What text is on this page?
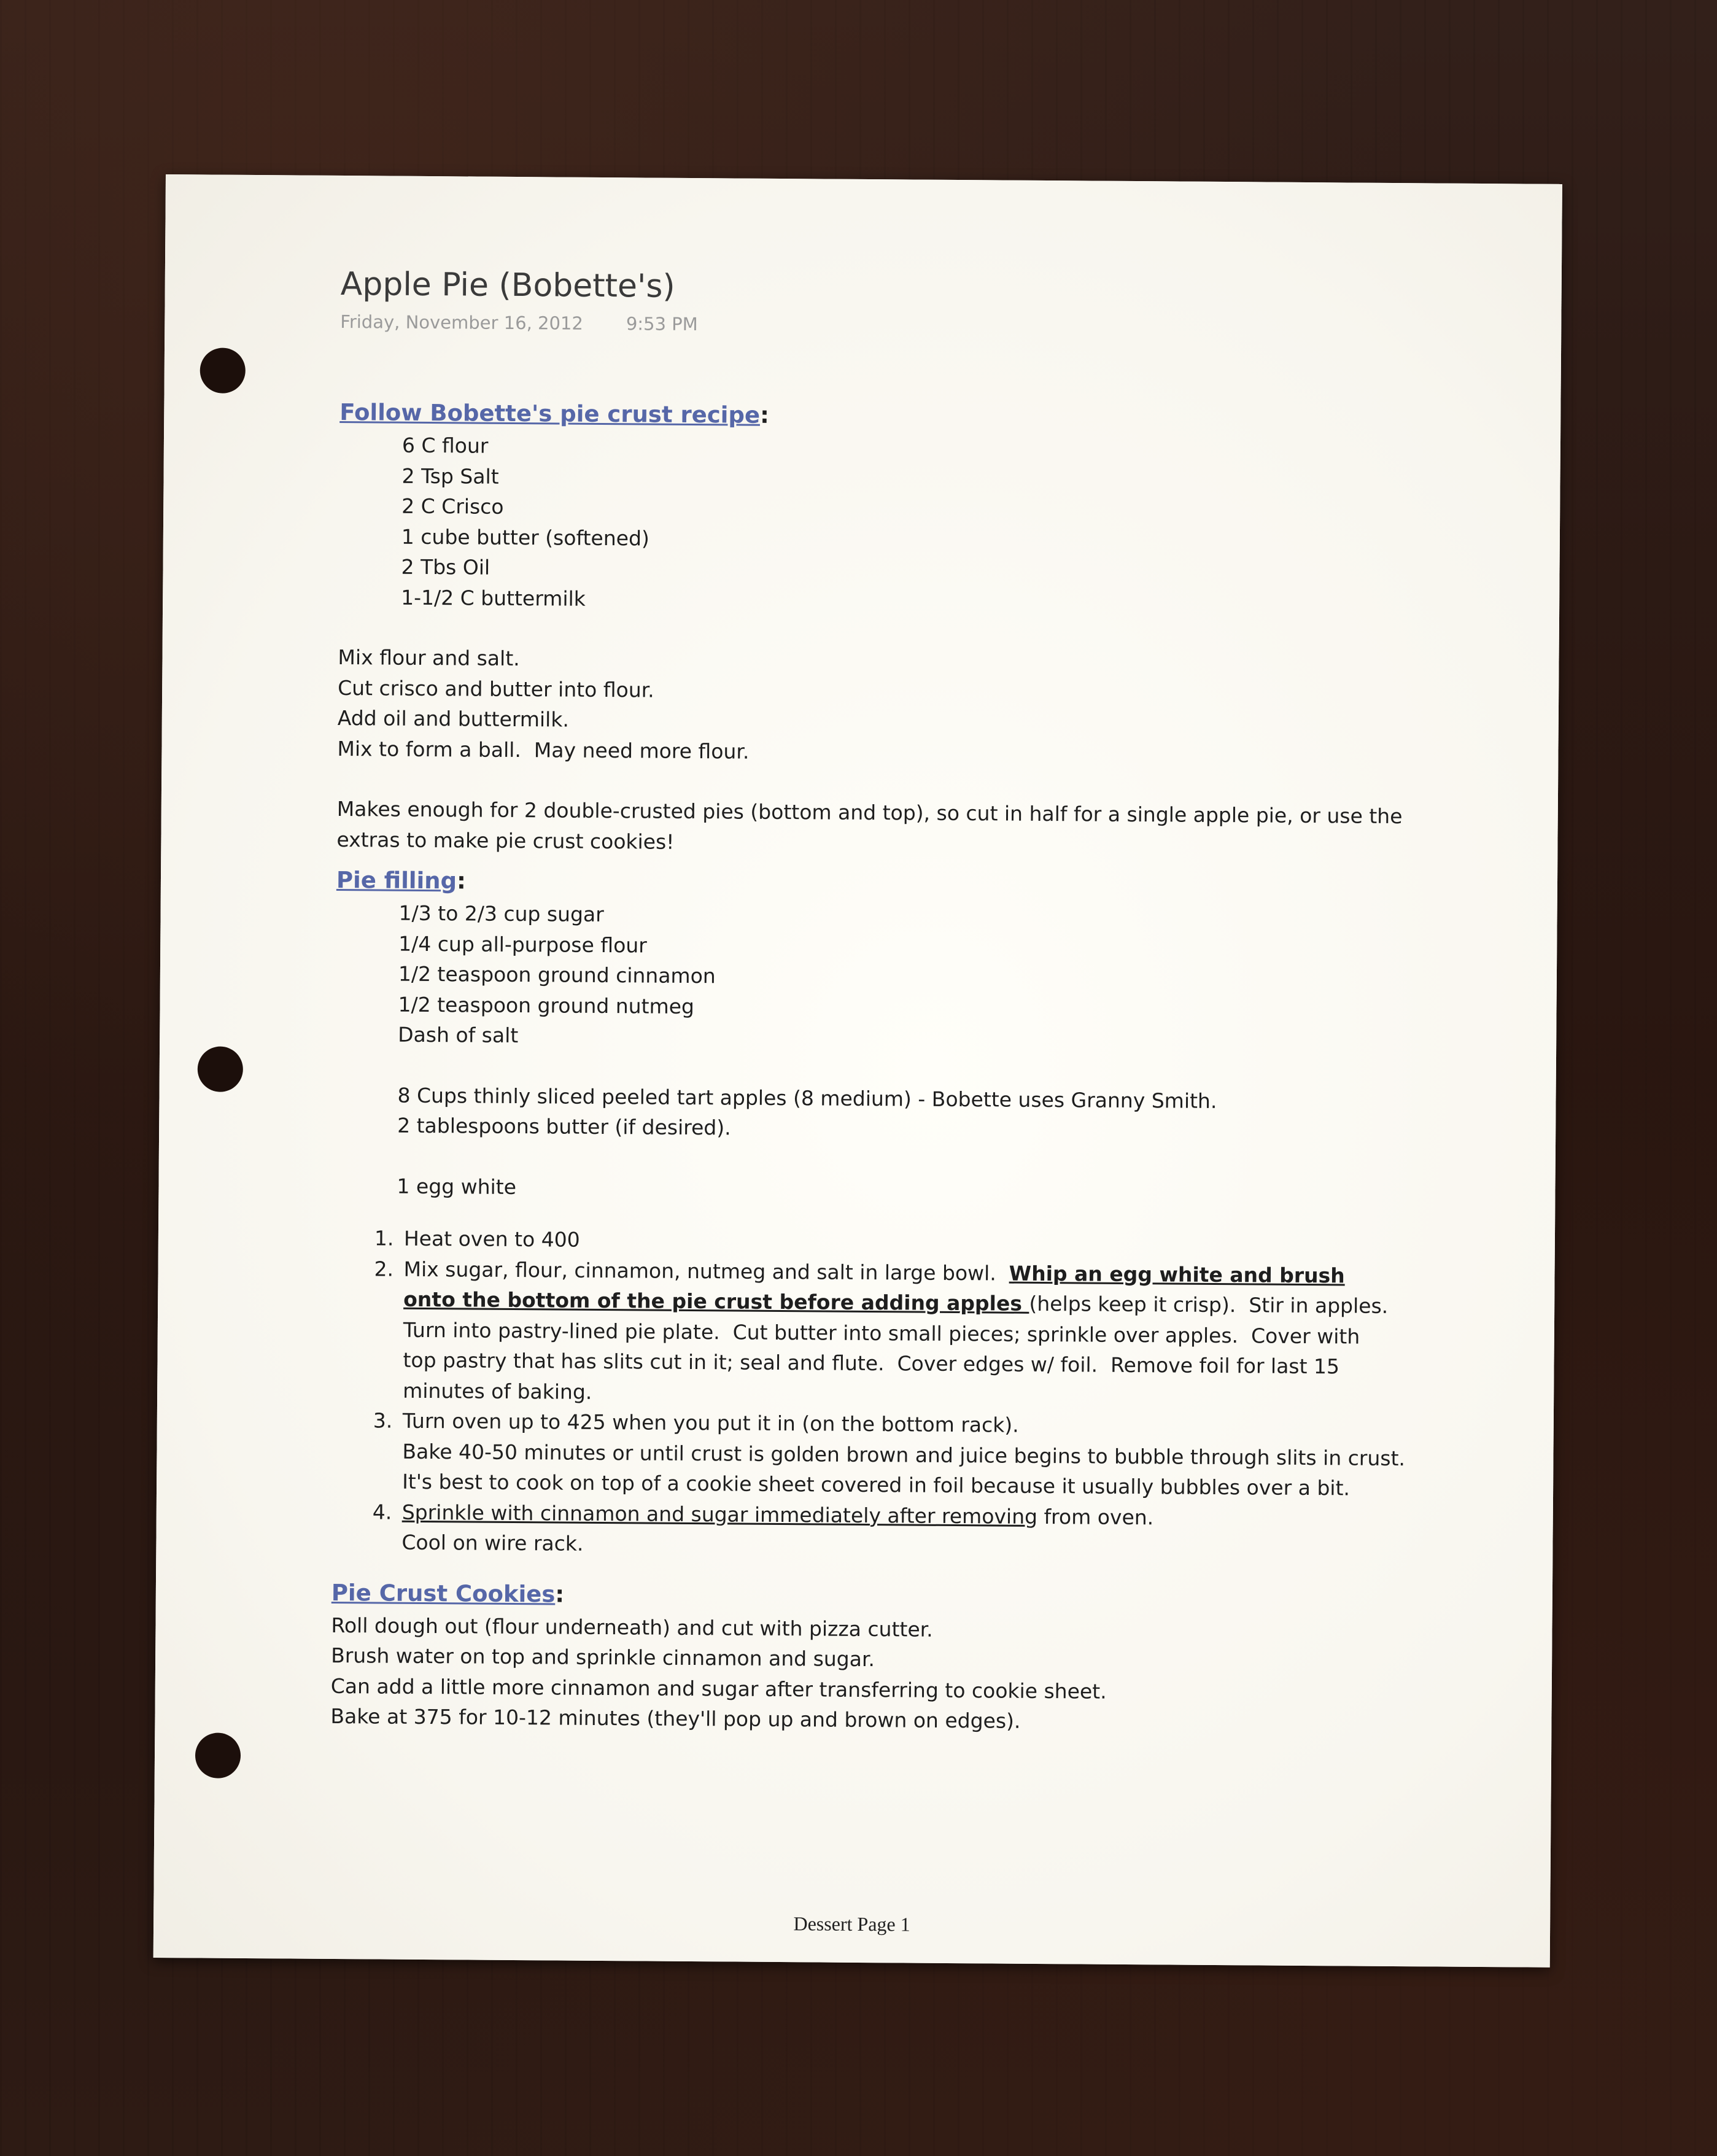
Apple Pie (Bobette's)
Friday, November 16, 2012 9:53 PM

Follow Bobette's pie crust recipe:

6 C flour
2 Tsp Salt
2 C Crisco
1 cube butter (softened)
2 Tbs Oil
1-1/2 C buttermilk
Mix flour and salt.
Cut crisco and butter into flour.
Add oil and buttermilk.
Mix to form a ball.  May need more flour.
Makes enough for 2 double-crusted pies (bottom and top), so cut in half for a single apple pie, or use the extras to make pie crust cookies!

Pie filling:

1/3 to 2/3 cup sugar
1/4 cup all-purpose flour
1/2 teaspoon ground cinnamon
1/2 teaspoon ground nutmeg
Dash of salt
8 Cups thinly sliced peeled tart apples (8 medium) - Bobette uses Granny Smith.
2 tablespoons butter (if desired).
1 egg white
1. Heat oven to 400
2. Mix sugar, flour, cinnamon, nutmeg and salt in large bowl.  Whip an egg white and brush onto the bottom of the pie crust before adding apples (helps keep it crisp).  Stir in apples.  Turn into pastry-lined pie plate.  Cut butter into small pieces; sprinkle over apples.  Cover with top pastry that has slits cut in it; seal and flute.  Cover edges w/ foil.  Remove foil for last 15 minutes of baking.
3. Turn oven up to 425 when you put it in (on the bottom rack).
Bake 40-50 minutes or until crust is golden brown and juice begins to bubble through slits in crust.
It's best to cook on top of a cookie sheet covered in foil because it usually bubbles over a bit.
4. Sprinkle with cinnamon and sugar immediately after removing from oven.
Cool on wire rack.

Pie Crust Cookies:

Roll dough out (flour underneath) and cut with pizza cutter.
Brush water on top and sprinkle cinnamon and sugar.
Can add a little more cinnamon and sugar after transferring to cookie sheet.
Bake at 375 for 10-12 minutes (they'll pop up and brown on edges).
Dessert Page 1
